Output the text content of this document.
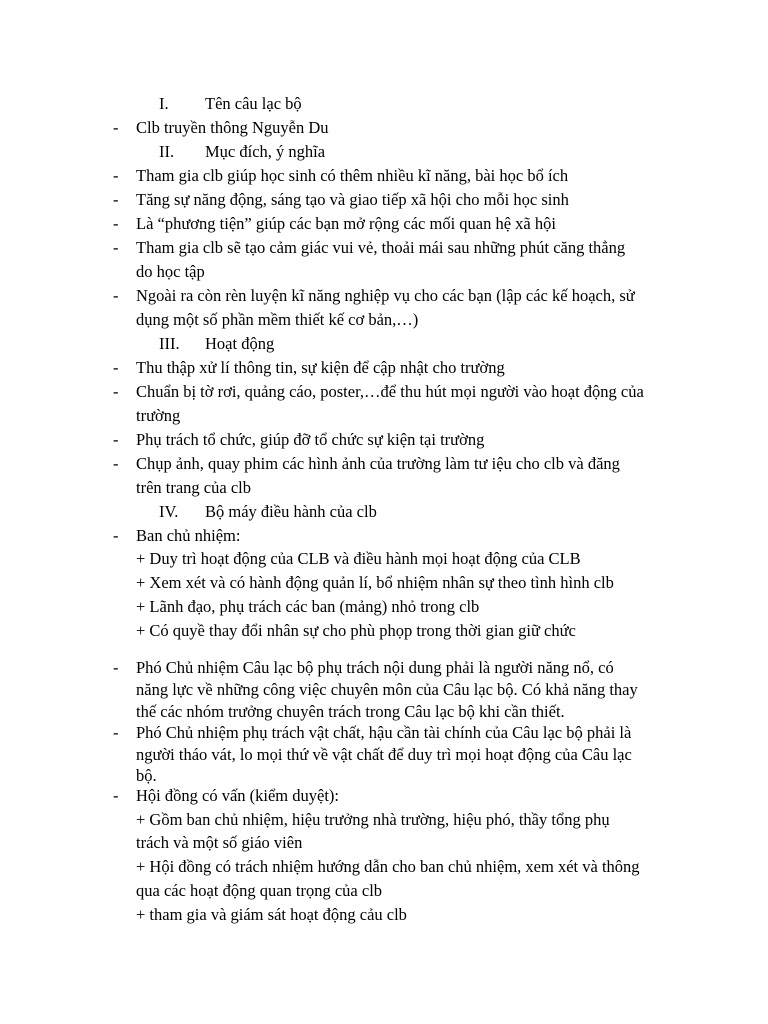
I. Tên câu lạc bộ
- Clb truyền thông Nguyễn Du
II. Mục đích, ý nghĩa
- Tham gia clb giúp học sinh có thêm nhiều kĩ năng, bài học bổ ích
- Tăng sự năng động, sáng tạo và giao tiếp xã hội cho mỗi học sinh
- Là “phương tiện” giúp các bạn mở rộng các mối quan hệ xã hội
- Tham gia clb sẽ tạo cảm giác vui vẻ, thoải mái sau những phút căng thẳng
do học tập
- Ngoài ra còn rèn luyện kĩ năng nghiệp vụ cho các bạn (lập các kế hoạch, sử
dụng một số phần mềm thiết kế cơ bản,…)
III. Hoạt động
- Thu thập xử lí thông tin, sự kiện để cập nhật cho trường
- Chuẩn bị tờ rơi, quảng cáo, poster,…để thu hút mọi người vào hoạt động của
trường
- Phụ trách tổ chức, giúp đỡ tổ chức sự kiện tại trường
- Chụp ảnh, quay phim các hình ảnh của trường làm tư iệu cho clb và đăng
trên trang của clb
IV. Bộ máy điều hành của clb
- Ban chủ nhiệm:
+ Duy trì hoạt động của CLB và điều hành mọi hoạt động của CLB
+ Xem xét và có hành động quản lí, bổ nhiệm nhân sự theo tình hình clb
+ Lãnh đạo, phụ trách các ban (mảng) nhỏ trong clb
+ Có quyề thay đổi nhân sự cho phù phọp trong thời gian giữ chức
- Phó Chủ nhiệm Câu lạc bộ phụ trách nội dung phải là người năng nổ, có
năng lực về những công việc chuyên môn của Câu lạc bộ. Có khả năng thay
thế các nhóm trưởng chuyên trách trong Câu lạc bộ khi cần thiết.
- Phó Chủ nhiệm phụ trách vật chất, hậu cần tài chính của Câu lạc bộ phải là
người tháo vát, lo mọi thứ về vật chất để duy trì mọi hoạt động của Câu lạc
bộ.
- Hội đồng có vấn (kiểm duyệt):
+ Gồm ban chủ nhiệm, hiệu trưởng nhà trường, hiệu phó, thầy tổng phụ
trách và một số giáo viên
+ Hội đồng có trách nhiệm hướng dẫn cho ban chủ nhiệm, xem xét và thông
qua các hoạt động quan trọng của clb
+ tham gia và giám sát hoạt động cảu clb
